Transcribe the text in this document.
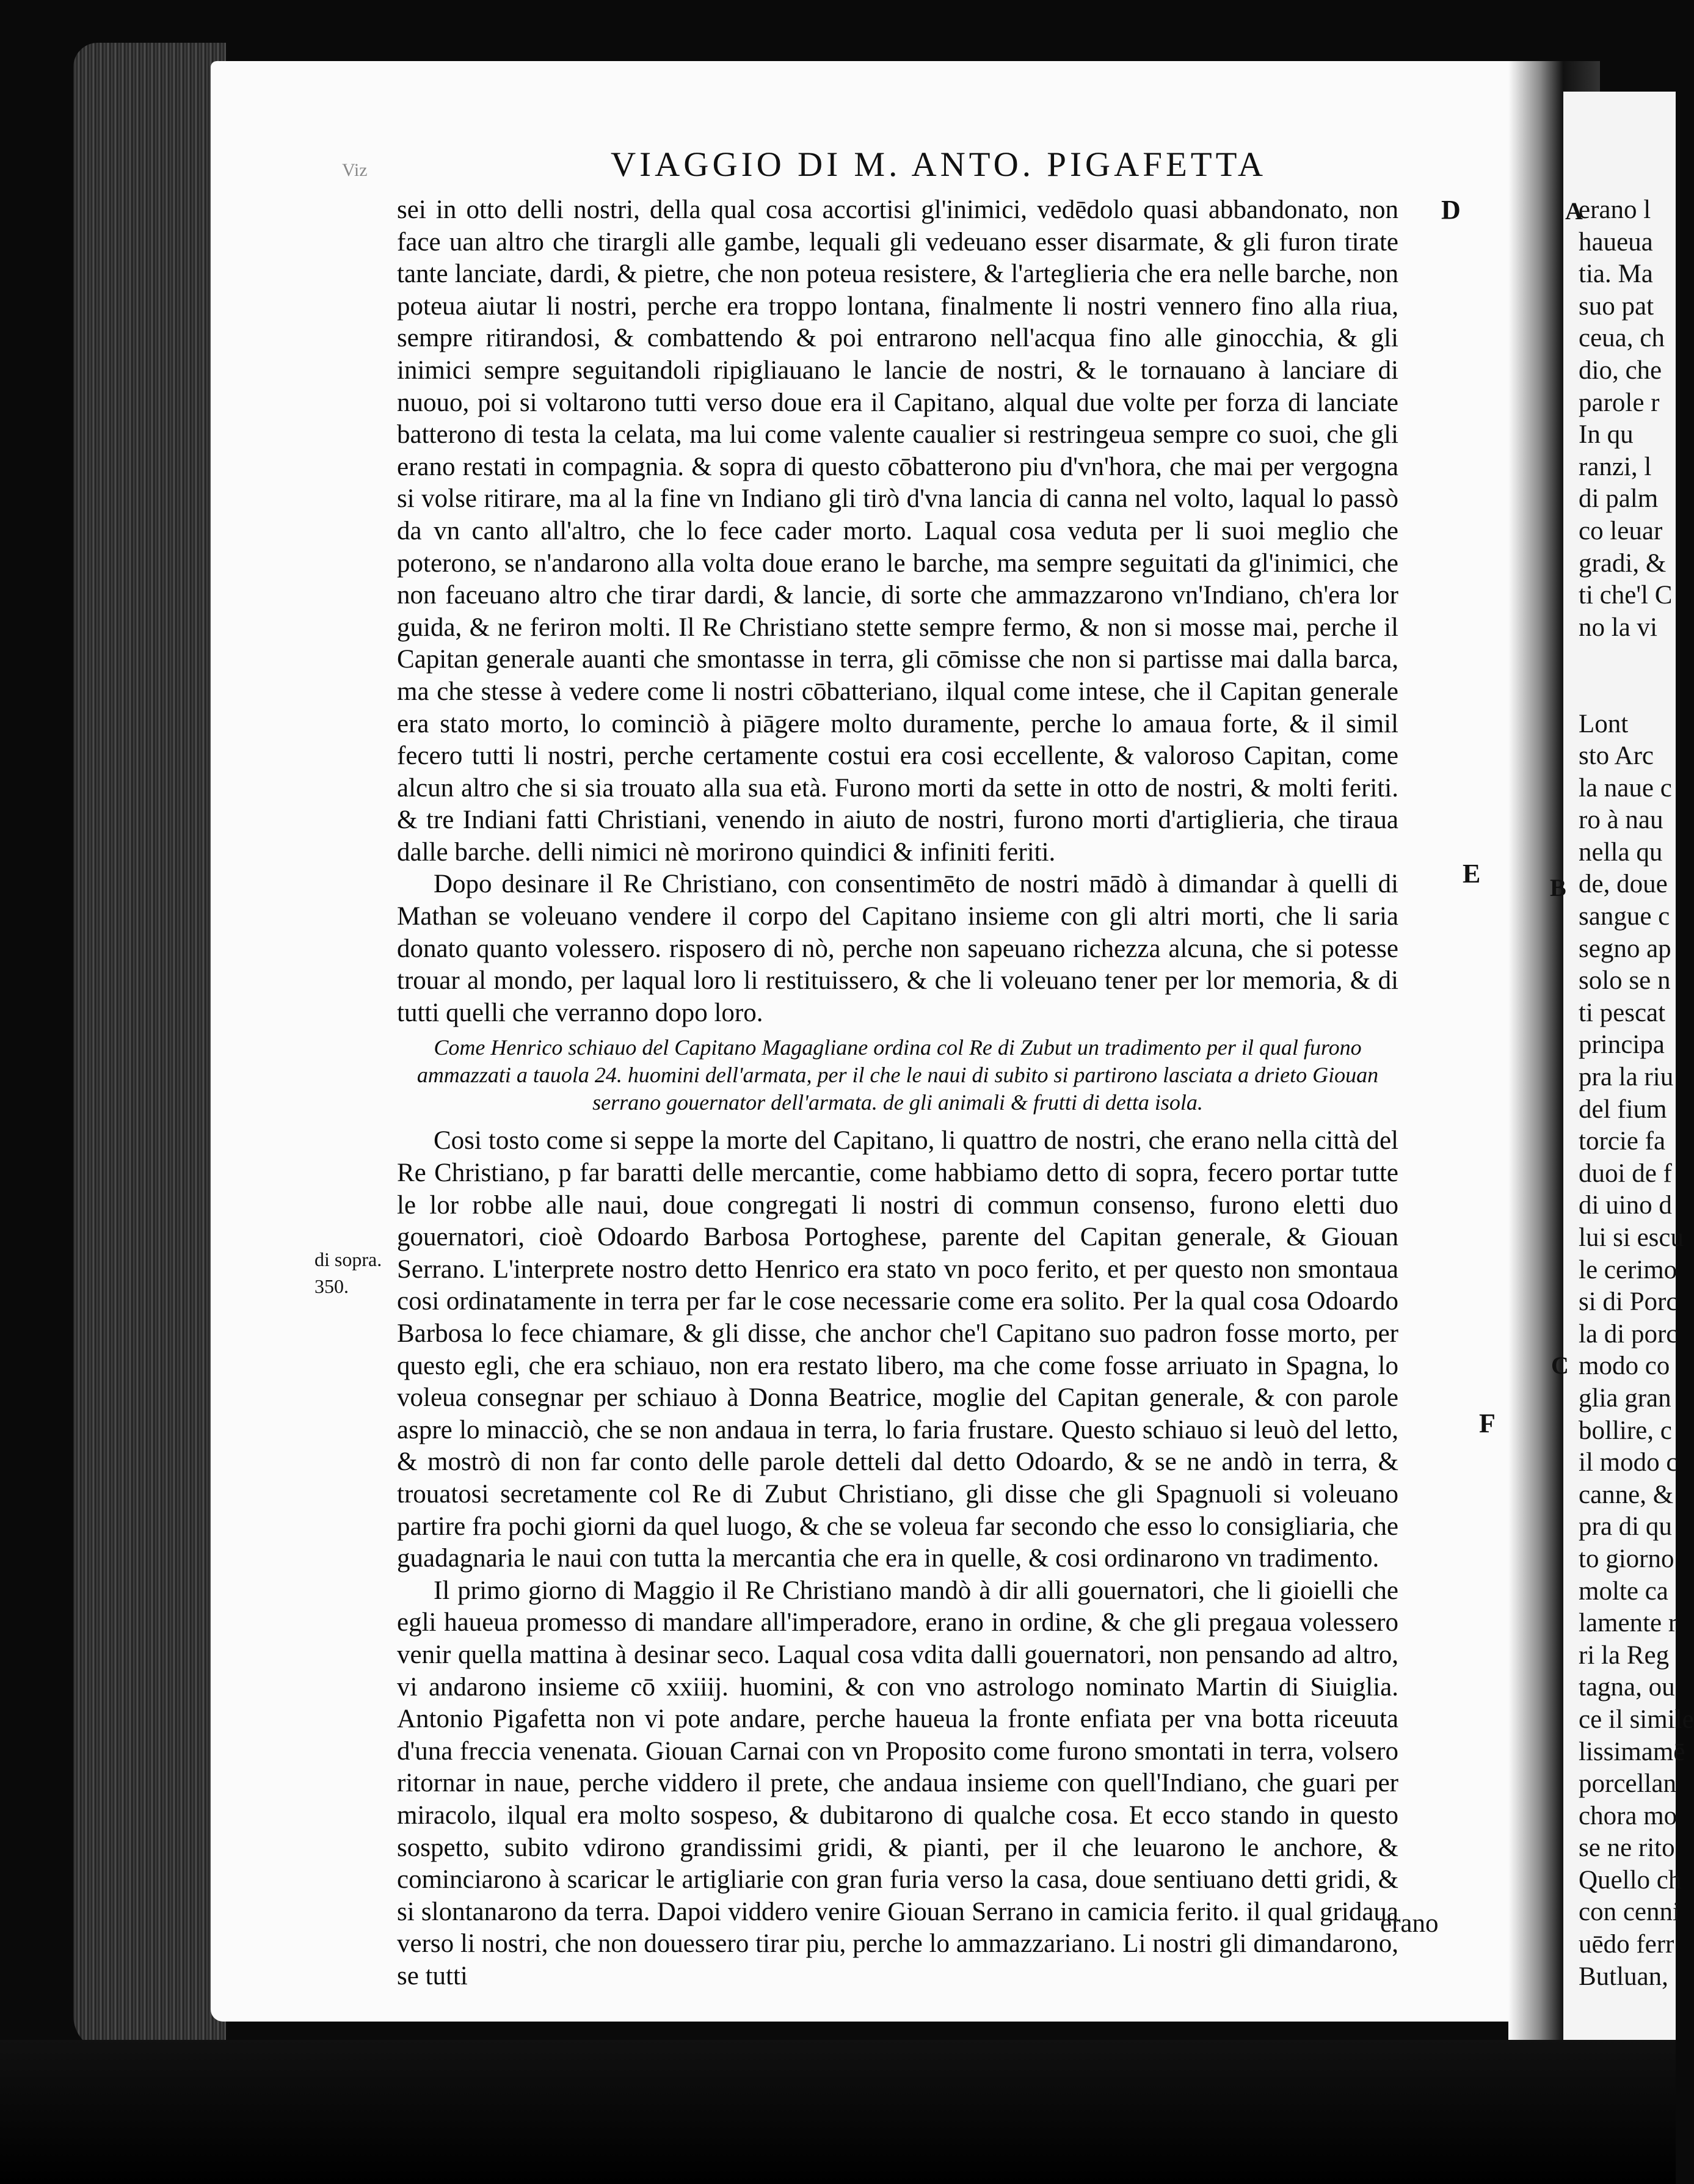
Viz	VIAGGIO DI M. ANTO. PIGAFETTA
D
E
F
di sopra.
350.

sei in otto delli nostri, della qual cosa accortisi gl'inimici, vedēdolo quasi abbandonato, non face uan altro che tirargli alle gambe, lequali gli vedeuano esser disarmate, & gli furon tirate tante lanciate, dardi, & pietre, che non poteua resistere, & l'arteglieria che era nelle barche, non poteua aiutar li nostri, perche era troppo lontana, finalmente li nostri vennero fino alla riua, sempre ritirandosi, & combattendo & poi entrarono nell'acqua fino alle ginocchia, & gli inimici sempre seguitandoli ripigliauano le lancie de nostri, & le tornauano à lanciare di nuouo, poi si voltarono tutti verso doue era il Capitano, alqual due volte per forza di lanciate batterono di testa la celata, ma lui come valente caualier si restringeua sempre co suoi, che gli erano restati in compagnia. & sopra di questo cōbatterono piu d'vn'hora, che mai per vergogna si volse ritirare, ma al la fine vn Indiano gli tirò d'vna lancia di canna nel volto, laqual lo passò da vn canto all'altro, che lo fece cader morto. Laqual cosa veduta per li suoi meglio che poterono, se n'andarono alla volta doue erano le barche, ma sempre seguitati da gl'inimici, che non faceuano altro che tirar dardi, & lancie, di sorte che ammazzarono vn'Indiano, ch'era lor guida, & ne feriron molti. Il Re Christiano stette sempre fermo, & non si mosse mai, perche il Capitan generale auanti che smontasse in terra, gli cōmisse che non si partisse mai dalla barca, ma che stesse à vedere come li nostri cōbatteriano, ilqual come intese, che il Capitan generale era stato morto, lo cominciò à piāgere molto duramente, perche lo amaua forte, & il simil fecero tutti li nostri, perche certamente costui era cosi eccellente, & valoroso Capitan, come alcun altro che si sia trouato alla sua età. Furono morti da sette in otto de nostri, & molti feriti. & tre Indiani fatti Christiani, venendo in aiuto de nostri, furono morti d'artiglieria, che tiraua dalle barche. delli nimici nè morirono quindici & infiniti feriti.

Dopo desinare il Re Christiano, con consentimēto de nostri mādò à dimandar à quelli di Mathan se voleuano vendere il corpo del Capitano insieme con gli altri morti, che li saria donato quanto volessero. risposero di nò, perche non sapeuano richezza alcuna, che si potesse trouar al mondo, per laqual loro li restituissero, & che li voleuano tener per lor memoria, & di tutti quelli che verranno dopo loro.

Come Henrico schiauo del Capitano Magagliane ordina col Re di Zubut un tradimento per il qual furono ammazzati a tauola 24. huomini dell'armata, per il che le naui di subito si partirono lasciata a drieto Giouan serrano gouernator dell'armata. de gli animali & frutti di detta isola.

Cosi tosto come si seppe la morte del Capitano, li quattro de nostri, che erano nella città del Re Christiano, p far baratti delle mercantie, come habbiamo detto di sopra, fecero portar tutte le lor robbe alle naui, doue congregati li nostri di commun consenso, furono eletti duo gouernatori, cioè Odoardo Barbosa Portoghese, parente del Capitan generale, & Giouan Serrano. L'interprete nostro detto Henrico era stato vn poco ferito, et per questo non smontaua cosi ordinatamente in terra per far le cose necessarie come era solito. Per la qual cosa Odoardo Barbosa lo fece chiamare, & gli disse, che anchor che'l Capitano suo padron fosse morto, per questo egli, che era schiauo, non era restato libero, ma che come fosse arriuato in Spagna, lo voleua consegnar per schiauo à Donna Beatrice, moglie del Capitan generale, & con parole aspre lo minacciò, che se non andaua in terra, lo faria frustare. Questo schiauo si leuò del letto, & mostrò di non far conto delle parole detteli dal detto Odoardo, & se ne andò in terra, & trouatosi secretamente col Re di Zubut Christiano, gli disse che gli Spagnuoli si voleuano partire fra pochi giorni da quel luogo, & che se voleua far secondo che esso lo consigliaria, che guadagnaria le naui con tutta la mercantia che era in quelle, & cosi ordinarono vn tradimento.

Il primo giorno di Maggio il Re Christiano mandò à dir alli gouernatori, che li gioielli che egli haueua promesso di mandare all'imperadore, erano in ordine, & che gli pregaua volessero venir quella mattina à desinar seco. Laqual cosa vdita dalli gouernatori, non pensando ad altro, vi andarono insieme cō xxiiij. huomini, & con vno astrologo nominato Martin di Siuiglia. Antonio Pigafetta non vi pote andare, perche haueua la fronte enfiata per vna botta riceuuta d'una freccia venenata. Giouan Carnai con vn Proposito come furono smontati in terra, volsero ritornar in naue, perche viddero il prete, che andaua insieme con quell'Indiano, che guari per miracolo, ilqual era molto sospeso, & dubitarono di qualche cosa. Et ecco stando in questo sospetto, subito vdirono grandissimi gridi, & pianti, per il che leuarono le anchore, & cominciarono à scaricar le artigliarie con gran furia verso la casa, doue sentiuano detti gridi, & si slontanarono da terra. Dapoi viddero venire Giouan Serrano in camicia ferito. il qual gridaua verso li nostri, che non douessero tirar piu, perche lo ammazzariano. Li nostri gli dimandarono, se tutti

erano
A
B
C
erano l
haueua
tia. Ma
suo pat
ceua, ch
dio, che
parole r
In qu
ranzi, l
di palm
co leuar
gradi, &
ti che'l C
no la vi
Lont
sto Arc
la naue c
ro à nau
nella qu
de, doue
sangue c
segno ap
solo se n
ti pescat
principa
pra la riu
del fium
torcie fa
duoi de f
di uino d
lui si escu
le cerimo
si di Porc
la di porc
modo co
glia gran
bollire, c
il modo c
canne, &
pra di qu
to giorno
molte ca
lamente r
ri la Reg
tagna, ou
ce il simile
lissimamē
porcellan
chora mo
se ne rito
Quello ch
con cenni
uēdo ferr
Butluan,
